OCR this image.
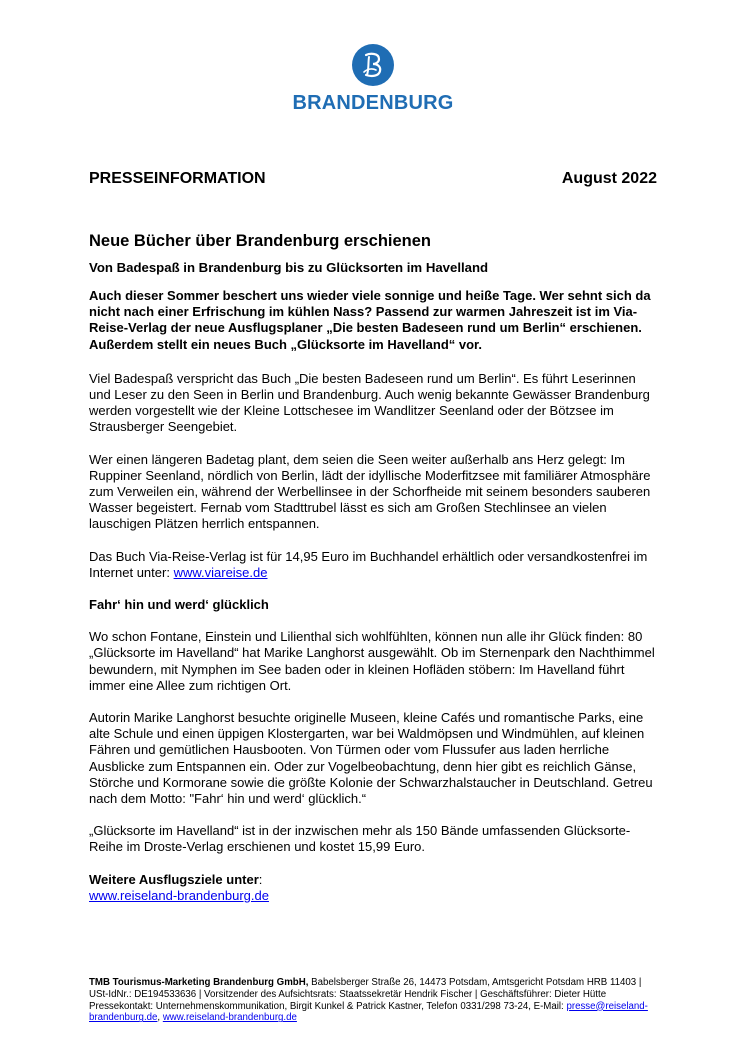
BRANDENBURG
PRESSEINFORMATION	August 2022
Neue Bücher über Brandenburg erschienen
Von Badespaß in Brandenburg bis zu Glücksorten im Havelland

Auch dieser Sommer beschert uns wieder viele sonnige und heiße Tage. Wer sehnt sich da nicht nach einer Erfrischung im kühlen Nass? Passend zur warmen Jahreszeit ist im Via-Reise-Verlag der neue Ausflugsplaner „Die besten Badeseen rund um Berlin“ erschienen. Außerdem stellt ein neues Buch „Glücksorte im Havelland“ vor.

Viel Badespaß verspricht das Buch „Die besten Badeseen rund um Berlin“. Es führt Leserinnen und Leser zu den Seen in Berlin und Brandenburg. Auch wenig bekannte Gewässer Brandenburg werden vorgestellt wie der Kleine Lottschesee im Wandlitzer Seenland oder der Bötzsee im Strausberger Seengebiet.

Wer einen längeren Badetag plant, dem seien die Seen weiter außerhalb ans Herz gelegt: Im Ruppiner Seenland, nördlich von Berlin, lädt der idyllische Moderfitzsee mit familiärer Atmosphäre zum Verweilen ein, während der Werbellinsee in der Schorfheide mit seinem besonders sauberen Wasser begeistert. Fernab vom Stadttrubel lässt es sich am Großen Stechlinsee an vielen lauschigen Plätzen herrlich entspannen.

Das Buch Via-Reise-Verlag ist für 14,95 Euro im Buchhandel erhältlich oder versandkostenfrei im Internet unter: www.viareise.de

Fahr‘ hin und werd‘ glücklich

Wo schon Fontane, Einstein und Lilienthal sich wohlfühlten, können nun alle ihr Glück finden: 80 „Glücksorte im Havelland“ hat Marike Langhorst ausgewählt. Ob im Sternenpark den Nachthimmel bewundern, mit Nymphen im See baden oder in kleinen Hofläden stöbern: Im Havelland führt immer eine Allee zum richtigen Ort.

Autorin Marike Langhorst besuchte originelle Museen, kleine Cafés und romantische Parks, eine alte Schule und einen üppigen Klostergarten, war bei Waldmöpsen und Windmühlen, auf kleinen Fähren und gemütlichen Hausbooten. Von Türmen oder vom Flussufer aus laden herrliche Ausblicke zum Entspannen ein. Oder zur Vogelbeobachtung, denn hier gibt es reichlich Gänse, Störche und Kormorane sowie die größte Kolonie der Schwarzhalstaucher in Deutschland. Getreu nach dem Motto: "Fahr‘ hin und werd‘ glücklich.“

„Glücksorte im Havelland“ ist in der inzwischen mehr als 150 Bände umfassenden Glücksorte-Reihe im Droste-Verlag erschienen und kostet 15,99 Euro.

Weitere Ausflugsziele unter:
www.reiseland-brandenburg.de
TMB Tourismus-Marketing Brandenburg GmbH, Babelsberger Straße 26, 14473 Potsdam, Amtsgericht Potsdam HRB 11403 | USt-IdNr.: DE194533636 | Vorsitzender des Aufsichtsrats: Staatssekretär Hendrik Fischer | Geschäftsführer: Dieter Hütte Pressekontakt: Unternehmenskommunikation, Birgit Kunkel & Patrick Kastner, Telefon 0331/298 73-24, E-Mail: presse@reiseland-brandenburg.de, www.reiseland-brandenburg.de
